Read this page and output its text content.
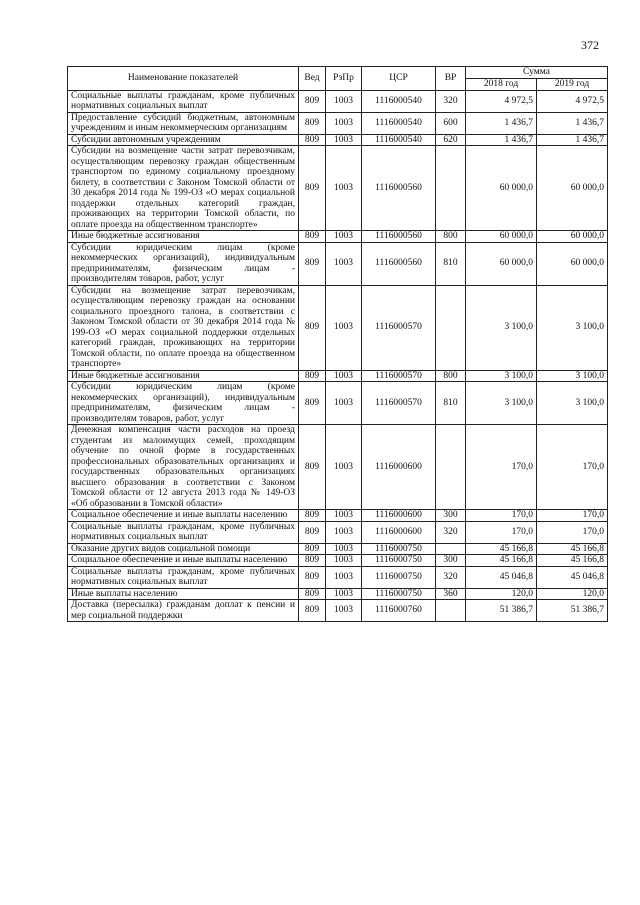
372
Наименование показателей	Вед	РзПр	ЦСР	ВР	Сумма	
					2018 год	2019 год
Социальные выплаты гражданам, кроме публичных нормативных социальных выплат	809	1003	1116000540	320	4 972,5	4 972,5
Предоставление субсидий бюджетным, автономным учреждениям и иным некоммерческим организациям	809	1003	1116000540	600	1 436,7	1 436,7
Субсидии автономным учреждениям	809	1003	1116000540	620	1 436,7	1 436,7
Субсидии на возмещение части затрат перевозчикам, осуществляющим перевозку граждан общественным транспортом по единому социальному проездному билету, в соответствии с Законом Томской области от 30 декабря 2014 года № 199-ОЗ «О мерах социальной поддержки отдельных категорий граждан, проживающих на территории Томской области, по оплате проезда на общественном транспорте»	809	1003	1116000560		60 000,0	60 000,0
Иные бюджетные ассигнования	809	1003	1116000560	800	60 000,0	60 000,0
Субсидии юридическим лицам (кроме некоммерческих организаций), индивидуальным предпринимателям, физическим лицам - производителям товаров, работ, услуг	809	1003	1116000560	810	60 000,0	60 000,0
Субсидии на возмещение затрат перевозчикам, осуществляющим перевозку граждан на основании социального проездного талона, в соответствии с Законом Томской области от 30 декабря 2014 года № 199-ОЗ «О мерах социальной поддержки отдельных категорий граждан, проживающих на территории Томской области, по оплате проезда на общественном транспорте»	809	1003	1116000570		3 100,0	3 100,0
Иные бюджетные ассигнования	809	1003	1116000570	800	3 100,0	3 100,0
Субсидии юридическим лицам (кроме некоммерческих организаций), индивидуальным предпринимателям, физическим лицам - производителям товаров, работ, услуг	809	1003	1116000570	810	3 100,0	3 100,0
Денежная компенсация части расходов на проезд студентам из малоимущих семей, проходящим обучение по очной форме в государственных профессиональных образовательных организациях и государственных образовательных организациях высшего образования в соответствии с Законом Томской области от 12 августа 2013 года № 149-ОЗ «Об образовании в Томской области»	809	1003	1116000600		170,0	170,0
Социальное обеспечение и иные выплаты населению	809	1003	1116000600	300	170,0	170,0
Социальные выплаты гражданам, кроме публичных нормативных социальных выплат	809	1003	1116000600	320	170,0	170,0
Оказание других видов социальной помощи	809	1003	1116000750		45 166,8	45 166,8
Социальное обеспечение и иные выплаты населению	809	1003	1116000750	300	45 166,8	45 166,8
Социальные выплаты гражданам, кроме публичных нормативных социальных выплат	809	1003	1116000750	320	45 046,8	45 046,8
Иные выплаты населению	809	1003	1116000750	360	120,0	120,0
Доставка (пересылка) гражданам доплат к пенсии и мер социальной поддержки	809	1003	1116000760		51 386,7	51 386,7
